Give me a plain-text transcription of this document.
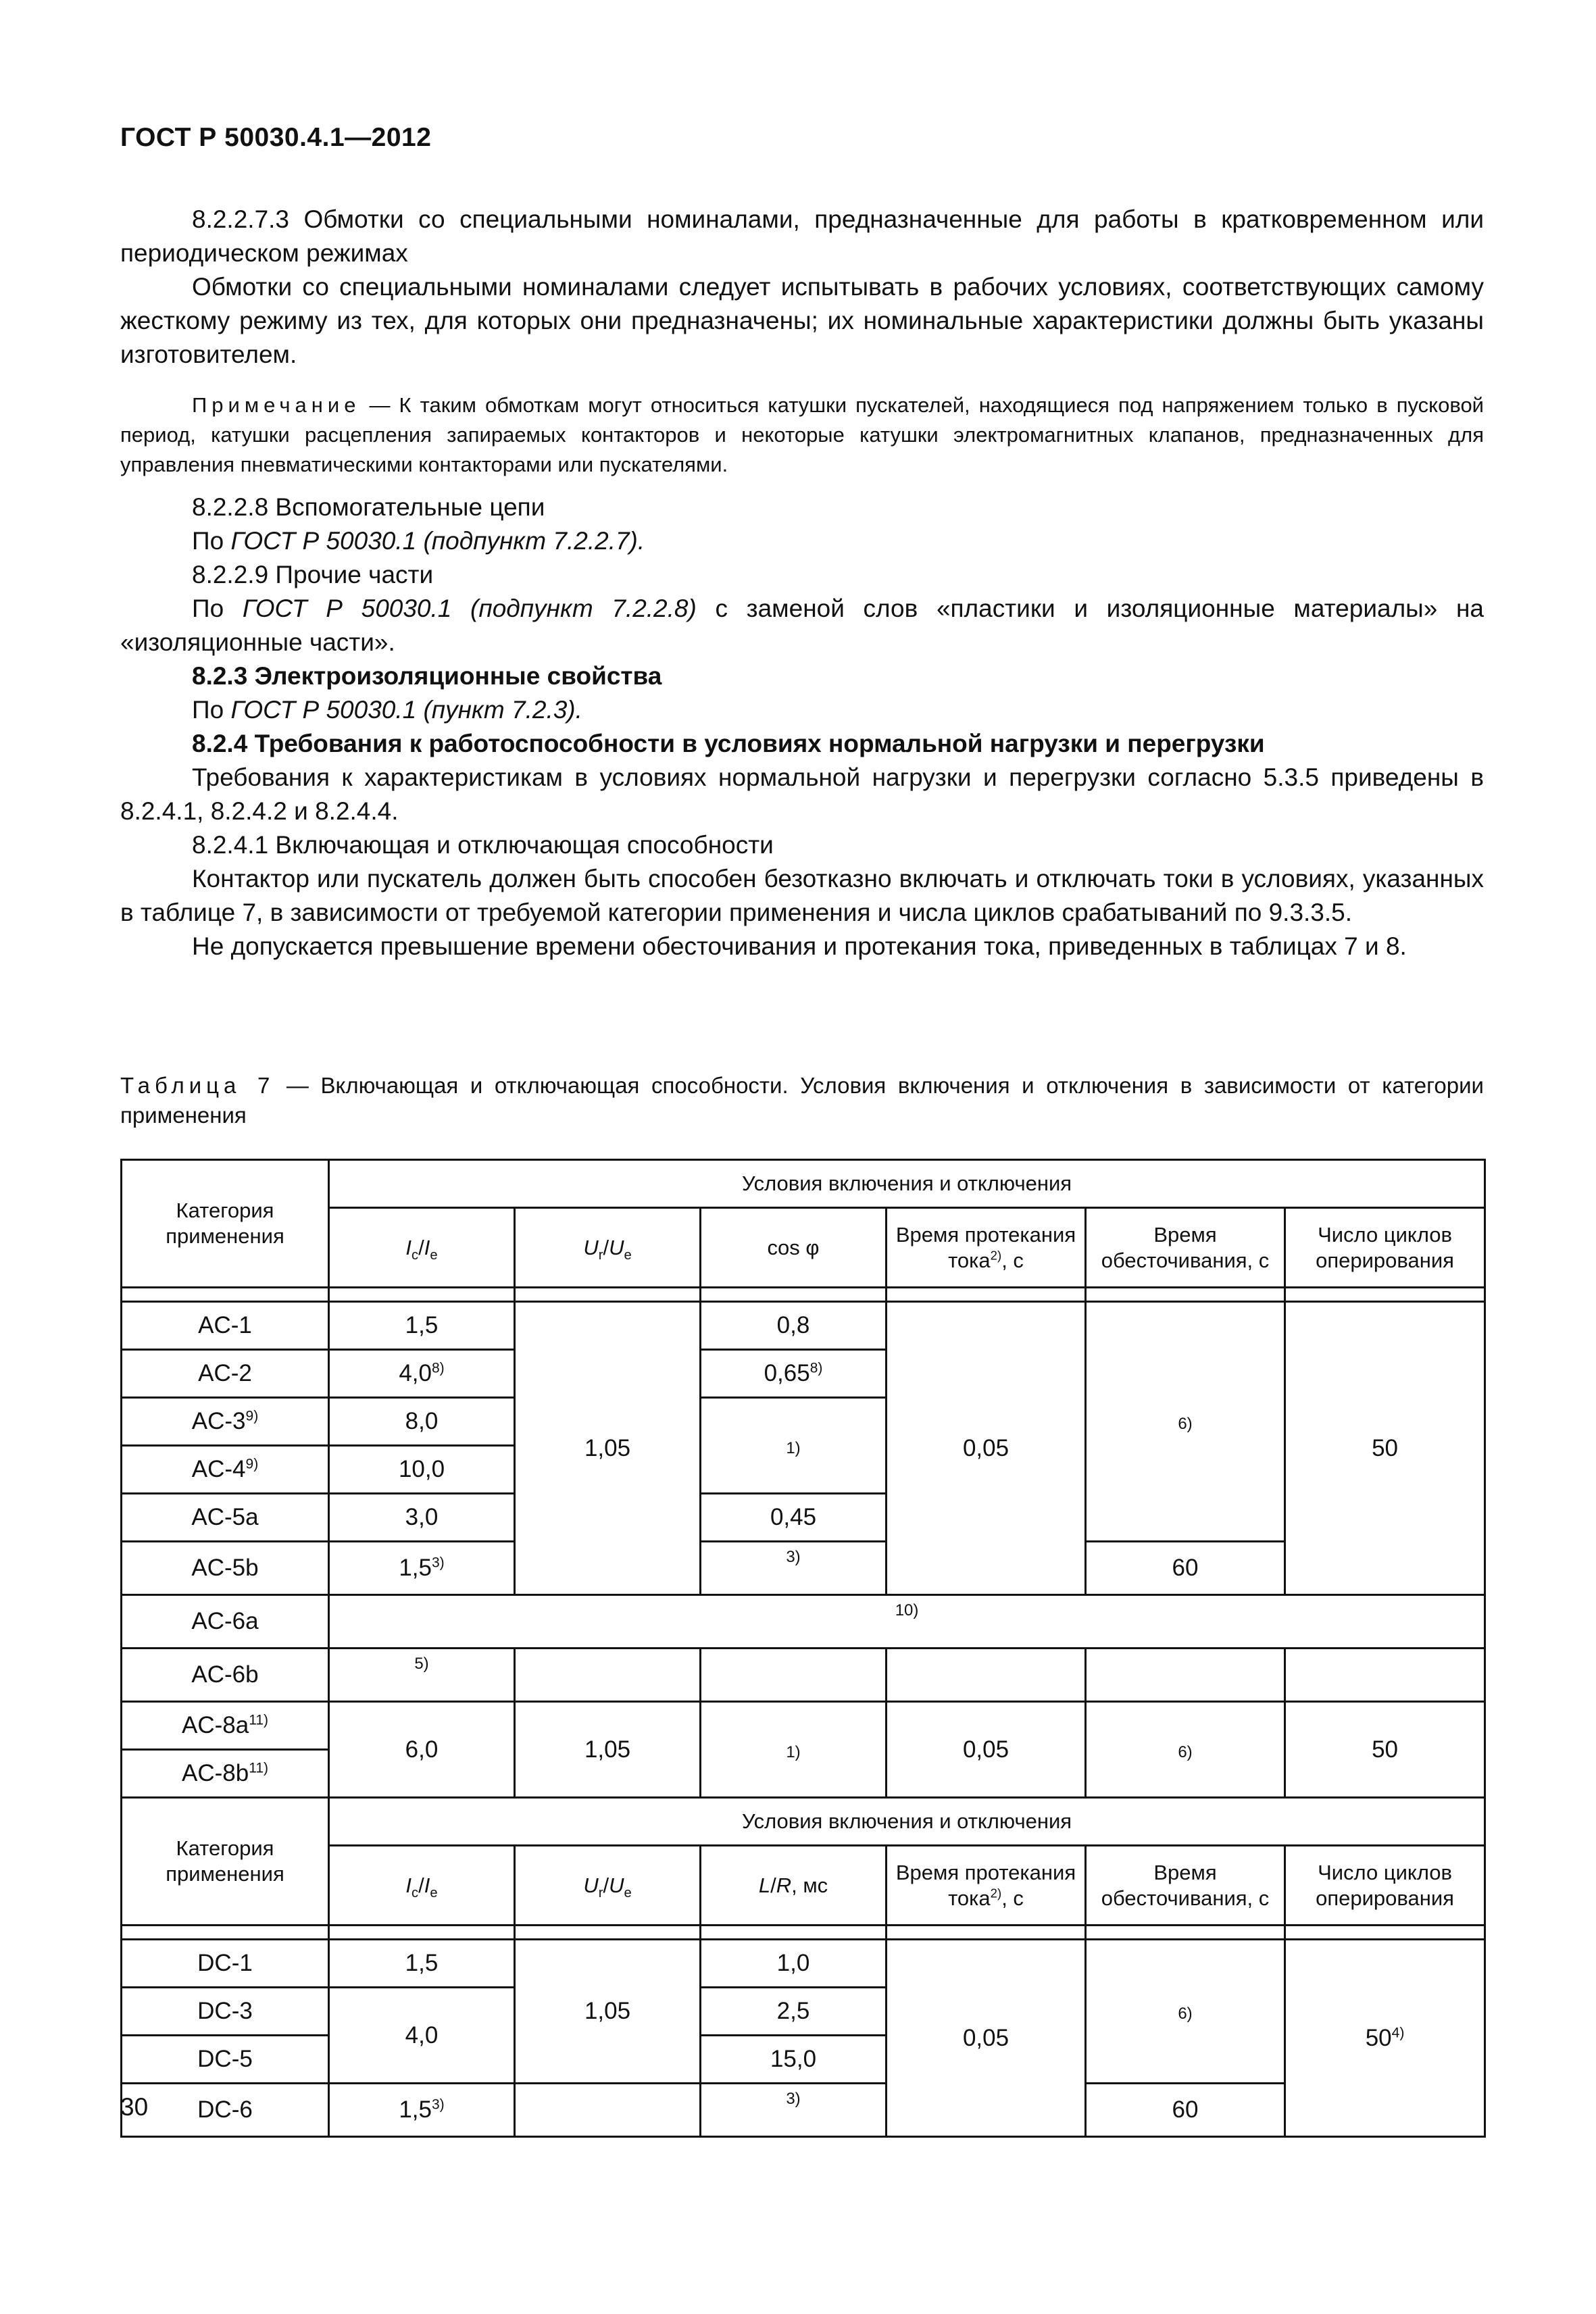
ГОСТ Р 50030.4.1—2012

8.2.2.7.3 Обмотки со специальными номиналами, предназначенные для работы в кратковременном или периодическом режимах

Обмотки со специальными номиналами следует испытывать в рабочих условиях, соответствующих самому жесткому режиму из тех, для которых они предназначены; их номинальные характеристики должны быть указаны изготовителем.

Примечание — К таким обмоткам могут относиться катушки пускателей, находящиеся под напряжением только в пусковой период, катушки расцепления запираемых контакторов и некоторые катушки электромагнитных клапанов, предназначенных для управления пневматическими контакторами или пускателями.

8.2.2.8 Вспомогательные цепи

По ГОСТ Р 50030.1 (подпункт 7.2.2.7).

8.2.2.9 Прочие части

По ГОСТ Р 50030.1 (подпункт 7.2.2.8) с заменой слов «пластики и изоляционные материалы» на «изоляционные части».

8.2.3 Электроизоляционные свойства

По ГОСТ Р 50030.1 (пункт 7.2.3).

8.2.4 Требования к работоспособности в условиях нормальной нагрузки и перегрузки

Требования к характеристикам в условиях нормальной нагрузки и перегрузки согласно 5.3.5 приведены в 8.2.4.1, 8.2.4.2 и 8.2.4.4.

8.2.4.1 Включающая и отключающая способности

Контактор или пускатель должен быть способен безотказно включать и отключать токи в условиях, указанных в таблице 7, в зависимости от требуемой категории применения и числа циклов срабатываний по 9.3.3.5.

Не допускается превышение времени обесточивания и протекания тока, приведенных в таблицах 7 и 8.

Таблица 7 — Включающая и отключающая способности. Условия включения и отключения в зависимости от категории применения
Категория применения	Условия включения и отключения					
	$I_c/I_e$	$U_r/U_e$	cos φ	Время протекания тока$^{2)}$, с	Время обесточивания, с	Число циклов оперирования

AC-1	1,5	1,05	0,8	0,05	6)	50
AC-2	4,0$^{8)}$		0,65$^{8)}$
AC-3$^{9)}$	8,0		1)			
AC-4$^{9)}$	10,0					
AC-5a	3,0		0,45			
AC-5b	1,5$^{3)}$		3)		60	
AC-6a	10)					
AC-6b	5)					
$AC-8a^{11)}$	6,0	1,05	1)	0,05	6)	50
$AC-8b^{11)}$
Категория применения	Условия включения и отключения					
	$I_c/I_e$	$U_r/U_e$	L/R, мс	Время протекания тока$^{2)}$, с	Время обесточивания, с	Число циклов оперирования

DC-1	1,5	1,05	1,0	0,05	6)	50$^{4)}$
DC-3	4,0		2,5			
DC-5			15,0			
DC-6	1,5$^{3)}$		3)		60	
30
